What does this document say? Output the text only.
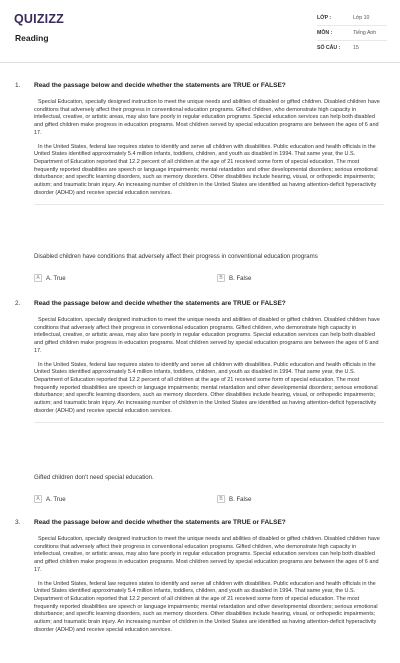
QUIZIZZ
Reading
LỚP :	Lớp 10
MÔN :	Tiếng Anh
SỐ CÂU :	15
1. Read the passage below and decide whether the statements are TRUE or FALSE?

Special Education, specially designed instruction to meet the unique needs and abilities of disabled or gifted children. Disabled children have conditions that adversely affect their progress in conventional education programs. Gifted children, who demonstrate high capacity in intellectual, creative, or artistic areas, may also fare poorly in regular education programs. Special education services can help both disabled and gifted children make progress in education programs. Most children served by special education programs are between the ages of 6 and 17.

In the United States, federal law requires states to identify and serve all children with disabilities. Public education and health officials in the United States identified approximately 5.4 million infants, toddlers, children, and youth as disabled in 1994. That same year, the U.S. Department of Education reported that 12.2 percent of all children at the age of 21 received some form of special education. The most frequently reported disabilities are speech or language impairments; mental retardation and other developmental disorders; serious emotional disturbance; and specific learning disorders, such as memory disorders. Other disabilities include hearing, visual, or orthopedic impairments; autism; and traumatic brain injury. An increasing number of children in the United States are identified as having attention-deficit hyperactivity disorder (ADHD) and receive special education services.

Disabled children have conditions that adversely affect their progress in conventional education programs
A	A. True	B	B. False
2. Read the passage below and decide whether the statements are TRUE or FALSE?

Special Education, specially designed instruction to meet the unique needs and abilities of disabled or gifted children. Disabled children have conditions that adversely affect their progress in conventional education programs. Gifted children, who demonstrate high capacity in intellectual, creative, or artistic areas, may also fare poorly in regular education programs. Special education services can help both disabled and gifted children make progress in education programs. Most children served by special education programs are between the ages of 6 and 17.

In the United States, federal law requires states to identify and serve all children with disabilities. Public education and health officials in the United States identified approximately 5.4 million infants, toddlers, children, and youth as disabled in 1994. That same year, the U.S. Department of Education reported that 12.2 percent of all children at the age of 21 received some form of special education. The most frequently reported disabilities are speech or language impairments; mental retardation and other developmental disorders; serious emotional disturbance; and specific learning disorders, such as memory disorders. Other disabilities include hearing, visual, or orthopedic impairments; autism; and traumatic brain injury. An increasing number of children in the United States are identified as having attention-deficit hyperactivity disorder (ADHD) and receive special education services.

Gifted children don't need special education.
A	A. True	B	B. False
3. Read the passage below and decide whether the statements are TRUE or FALSE?

Special Education, specially designed instruction to meet the unique needs and abilities of disabled or gifted children. Disabled children have conditions that adversely affect their progress in conventional education programs. Gifted children, who demonstrate high capacity in intellectual, creative, or artistic areas, may also fare poorly in regular education programs. Special education services can help both disabled and gifted children make progress in education programs. Most children served by special education programs are between the ages of 6 and 17.

In the United States, federal law requires states to identify and serve all children with disabilities. Public education and health officials in the United States identified approximately 5.4 million infants, toddlers, children, and youth as disabled in 1994. That same year, the U.S. Department of Education reported that 12.2 percent of all children at the age of 21 received some form of special education. The most frequently reported disabilities are speech or language impairments; mental retardation and other developmental disorders; serious emotional disturbance; and specific learning disorders, such as memory disorders. Other disabilities include hearing, visual, or orthopedic impairments; autism; and traumatic brain injury. An increasing number of children in the United States are identified as having attention-deficit hyperactivity disorder (ADHD) and receive special education services.
